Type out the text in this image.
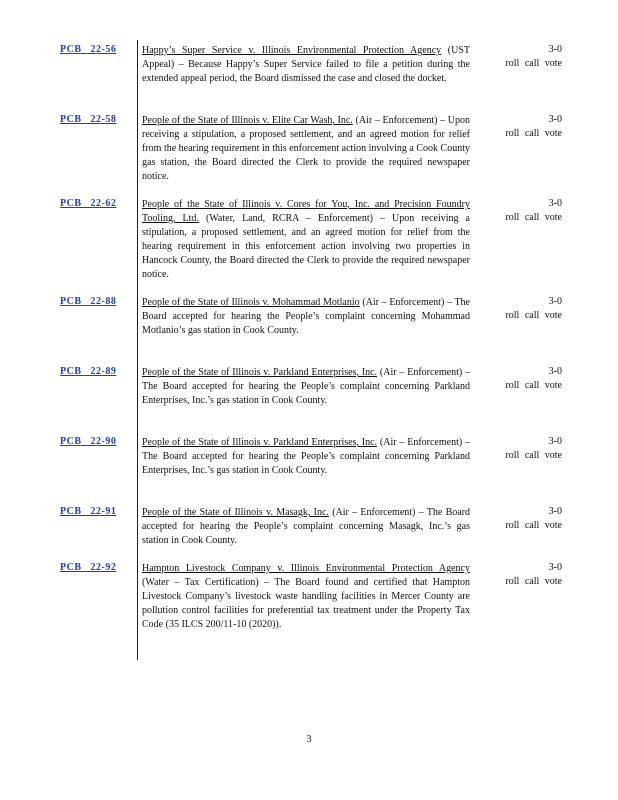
PCB 22-56	Happy’s Super Service v. Illinois Environmental Protection Agency (UST Appeal) – Because Happy’s Super Service failed to file a petition during the extended appeal period, the Board dismissed the case and closed the docket.
3-0
roll call vote
PCB 22-58	People of the State of Illinois v. Elite Car Wash, Inc. (Air – Enforcement) – Upon receiving a stipulation, a proposed settlement, and an agreed motion for relief from the hearing requirement in this enforcement action involving a Cook County gas station, the Board directed the Clerk to provide the required newspaper notice.
3-0
roll call vote
PCB 22-62	People of the State of Illinois v. Cores for You, Inc. and Precision Foundry Tooling, Ltd. (Water, Land, RCRA – Enforcement) – Upon receiving a stipulation, a proposed settlement, and an agreed motion for relief from the hearing requirement in this enforcement action involving two properties in Hancock County, the Board directed the Clerk to provide the required newspaper notice.
3-0
roll call vote
PCB 22-88	People of the State of Illinois v. Mohammad Motlanio (Air – Enforcement) – The Board accepted for hearing the People’s complaint concerning Mohammad Motlanio’s gas station in Cook County.
3-0
roll call vote
PCB 22-89	People of the State of Illinois v. Parkland Enterprises, Inc. (Air – Enforcement) – The Board accepted for hearing the People’s complaint concerning Parkland Enterprises, Inc.’s gas station in Cook County.
3-0
roll call vote
PCB 22-90	People of the State of Illinois v. Parkland Enterprises, Inc. (Air – Enforcement) – The Board accepted for hearing the People’s complaint concerning Parkland Enterprises, Inc.’s gas station in Cook County.
3-0
roll call vote
PCB 22-91	People of the State of Illinois v. Masagk, Inc. (Air – Enforcement) – The Board accepted for hearing the People’s complaint concerning Masagk, Inc.’s gas station in Cook County.
3-0
roll call vote
PCB 22-92	Hampton Livestock Company v. Illinois Environmental Protection Agency (Water – Tax Certification) – The Board found and certified that Hampton Livestock Company’s livestock waste handling facilities in Mercer County are pollution control facilities for preferential tax treatment under the Property Tax Code (35 ILCS 200/11-10 (2020)).
3-0
roll call vote
3
